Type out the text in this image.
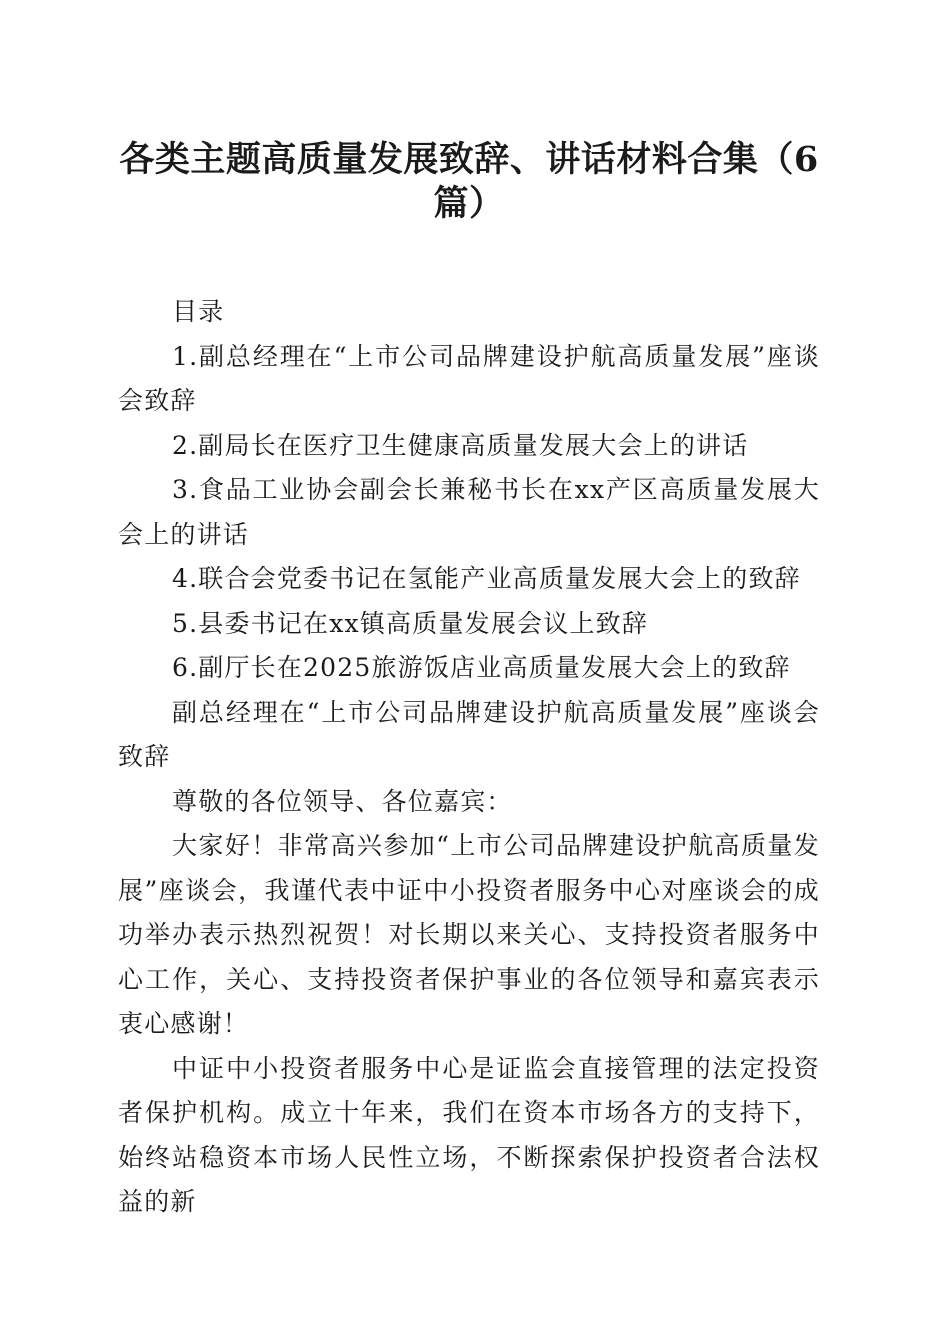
各类主题高质量发展致辞、讲话材料合集（6
篇）

目录

1.副总经理在“上市公司品牌建设护航高质量发展”座谈会致辞

2.副局长在医疗卫生健康高质量发展大会上的讲话

3.食品工业协会副会长兼秘书长在xx产区高质量发展大会上的讲话

4.联合会党委书记在氢能产业高质量发展大会上的致辞

5.县委书记在xx镇高质量发展会议上致辞

6.副厅长在2025旅游饭店业高质量发展大会上的致辞

副总经理在“上市公司品牌建设护航高质量发展”座谈会致辞

尊敬的各位领导、各位嘉宾：

大家好！非常高兴参加“上市公司品牌建设护航高质量发展”座谈会，我谨代表中证中小投资者服务中心对座谈会的成功举办表示热烈祝贺！对长期以来关心、支持投资者服务中心工作，关心、支持投资者保护事业的各位领导和嘉宾表示衷心感谢！

中证中小投资者服务中心是证监会直接管理的法定投资者保护机构。成立十年来，我们在资本市场各方的支持下，始终站稳资本市场人民性立场，不断探索保护投资者合法权益的新
